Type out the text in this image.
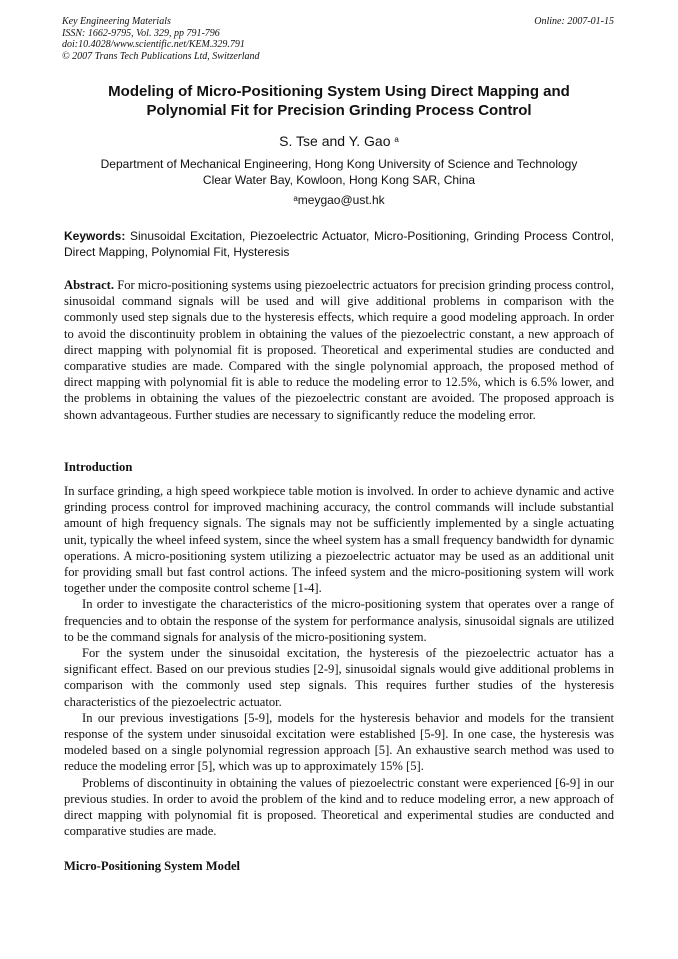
Key Engineering Materials
ISSN: 1662-9795, Vol. 329, pp 791-796
doi:10.4028/www.scientific.net/KEM.329.791
© 2007 Trans Tech Publications Ltd, Switzerland
Online: 2007-01-15
Modeling of Micro-Positioning System Using Direct Mapping and
Polynomial Fit for Precision Grinding Process Control
S. Tse and Y. Gao $^a$
Department of Mechanical Engineering, Hong Kong University of Science and Technology
Clear Water Bay, Kowloon, Hong Kong SAR, China
$^a$meygao@ust.hk
Keywords: Sinusoidal Excitation, Piezoelectric Actuator, Micro-Positioning, Grinding Process Control, Direct Mapping, Polynomial Fit, Hysteresis
Abstract. For micro-positioning systems using piezoelectric actuators for precision grinding process control, sinusoidal command signals will be used and will give additional problems in comparison with the commonly used step signals due to the hysteresis effects, which require a good modeling approach. In order to avoid the discontinuity problem in obtaining the values of the piezoelectric constant, a new approach of direct mapping with polynomial fit is proposed. Theoretical and experimental studies are conducted and comparative studies are made. Compared with the single polynomial approach, the proposed method of direct mapping with polynomial fit is able to reduce the modeling error to 12.5%, which is 6.5% lower, and the problems in obtaining the values of the piezoelectric constant are avoided. The proposed approach is shown advantageous. Further studies are necessary to significantly reduce the modeling error.
Introduction

In surface grinding, a high speed workpiece table motion is involved. In order to achieve dynamic and active grinding process control for improved machining accuracy, the control commands will include substantial amount of high frequency signals. The signals may not be sufficiently implemented by a single actuating unit, typically the wheel infeed system, since the wheel system has a small frequency bandwidth for dynamic operations. A micro-positioning system utilizing a piezoelectric actuator may be used as an additional unit for providing small but fast control actions. The infeed system and the micro-positioning system will work together under the composite control scheme [1-4].

In order to investigate the characteristics of the micro-positioning system that operates over a range of frequencies and to obtain the response of the system for performance analysis, sinusoidal signals are utilized to be the command signals for analysis of the micro-positioning system.

For the system under the sinusoidal excitation, the hysteresis of the piezoelectric actuator has a significant effect. Based on our previous studies [2-9], sinusoidal signals would give additional problems in comparison with the commonly used step signals. This requires further studies of the hysteresis characteristics of the piezoelectric actuator.

In our previous investigations [5-9], models for the hysteresis behavior and models for the transient response of the system under sinusoidal excitation were established [5-9]. In one case, the hysteresis was modeled based on a single polynomial regression approach [5]. An exhaustive search method was used to reduce the modeling error [5], which was up to approximately 15% [5].

Problems of discontinuity in obtaining the values of piezoelectric constant were experienced [6-9] in our previous studies. In order to avoid the problem of the kind and to reduce modeling error, a new approach of direct mapping with polynomial fit is proposed. Theoretical and experimental studies are conducted and comparative studies are made.

Micro-Positioning System Model
